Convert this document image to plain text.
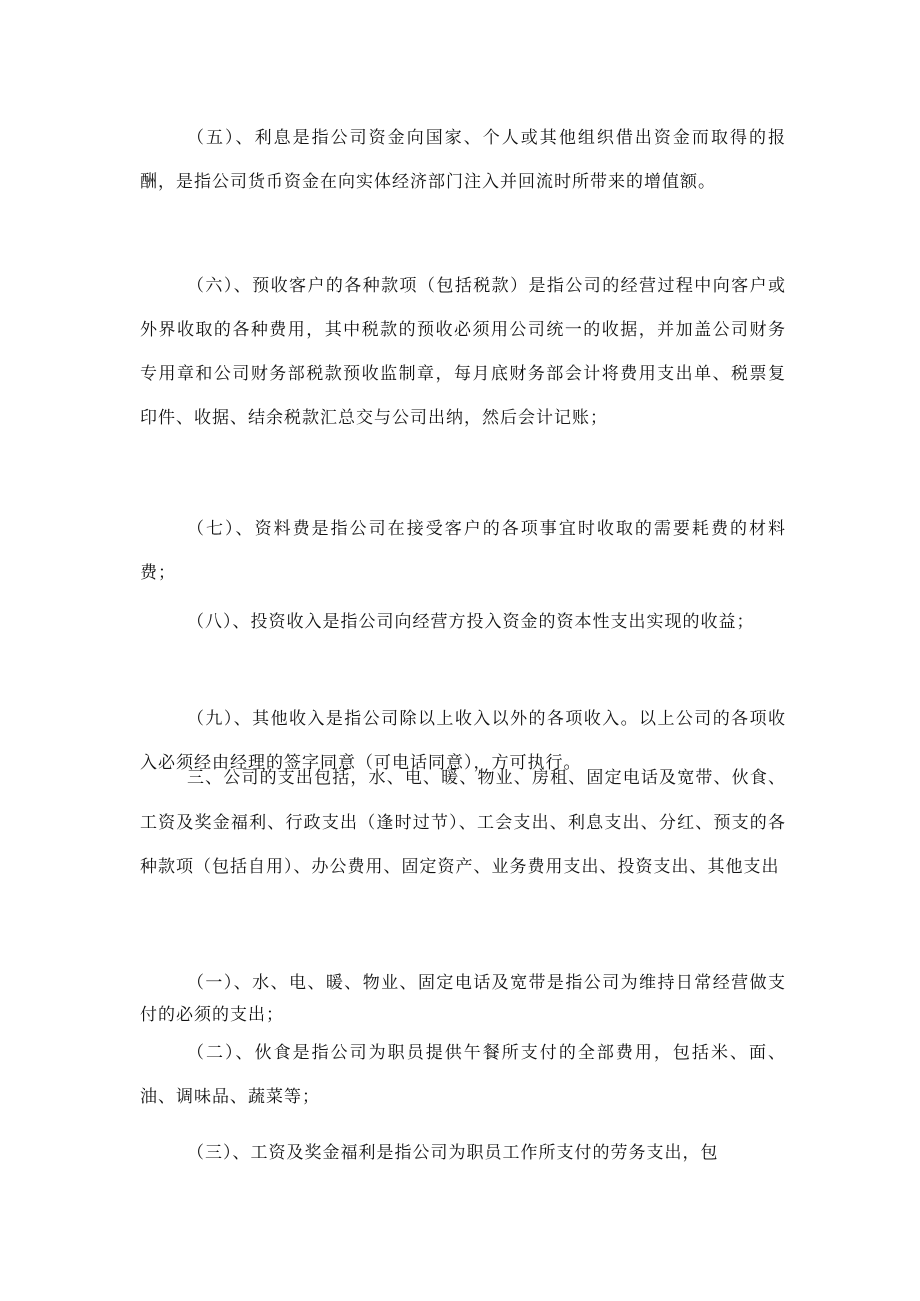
（五）、利息是指公司资金向国家、个人或其他组织借出资金而取得的报酬，是指公司货币资金在向实体经济部门注入并回流时所带来的增值额。

（六）、预收客户的各种款项（包括税款）是指公司的经营过程中向客户或外界收取的各种费用，其中税款的预收必须用公司统一的收据，并加盖公司财务专用章和公司财务部税款预收监制章，每月底财务部会计将费用支出单、税票复印件、收据、结余税款汇总交与公司出纳，然后会计记账；

（七）、资料费是指公司在接受客户的各项事宜时收取的需要耗费的材料费；

（八）、投资收入是指公司向经营方投入资金的资本性支出实现的收益；

（九）、其他收入是指公司除以上收入以外的各项收入。以上公司的各项收入必须经由经理的签字同意（可电话同意），方可执行。

三、公司的支出包括，水、电、暖、物业、房租、固定电话及宽带、伙食、工资及奖金福利、行政支出（逢时过节）、工会支出、利息支出、分红、预支的各种款项（包括自用）、办公费用、固定资产、业务费用支出、投资支出、其他支出

（一）、水、电、暖、物业、固定电话及宽带是指公司为维持日常经营做支付的必须的支出；

（二）、伙食是指公司为职员提供午餐所支付的全部费用，包括米、面、油、调味品、蔬菜等；

（三）、工资及奖金福利是指公司为职员工作所支付的劳务支出，包
